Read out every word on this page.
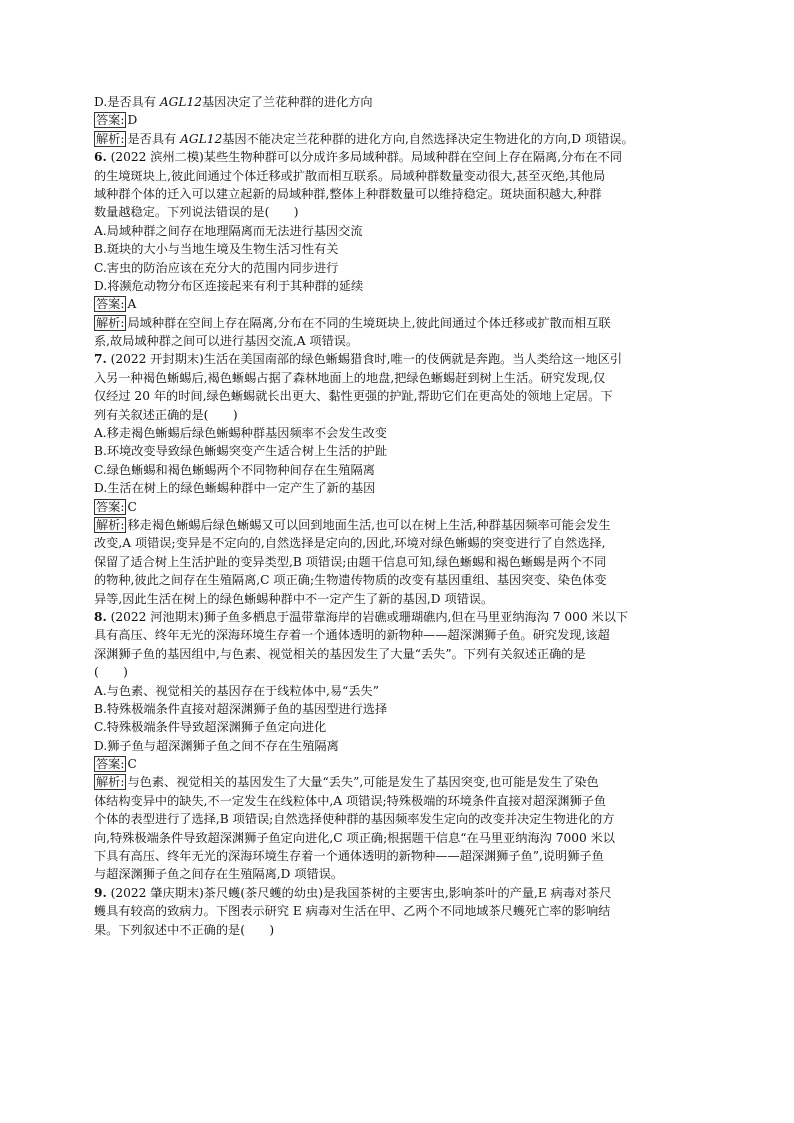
D.是否具有 AGL12基因决定了兰花种群的进化方向
答案: D
解析: 是否具有 AGL12基因不能决定兰花种群的进化方向,自然选择决定生物进化的方向,D 项错误。
6. (2022 滨州二模)某些生物种群可以分成许多局域种群。局域种群在空间上存在隔离,分布在不同
的生境斑块上,彼此间通过个体迁移或扩散而相互联系。局域种群数量变动很大,甚至灭绝,其他局
域种群个体的迁入可以建立起新的局域种群,整体上种群数量可以维持稳定。斑块面积越大,种群
数量越稳定。下列说法错误的是(　　)
A.局域种群之间存在地理隔离而无法进行基因交流
B.斑块的大小与当地生境及生物生活习性有关
C.害虫的防治应该在充分大的范围内同步进行
D.将濒危动物分布区连接起来有利于其种群的延续
答案: A
解析: 局域种群在空间上存在隔离,分布在不同的生境斑块上,彼此间通过个体迁移或扩散而相互联
系,故局域种群之间可以进行基因交流,A 项错误。
7. (2022 开封期末)生活在美国南部的绿色蜥蜴猎食时,唯一的伎俩就是奔跑。当人类给这一地区引
入另一种褐色蜥蜴后,褐色蜥蜴占据了森林地面上的地盘,把绿色蜥蜴赶到树上生活。研究发现,仅
仅经过 20 年的时间,绿色蜥蜴就长出更大、黏性更强的护趾,帮助它们在更高处的领地上定居。下
列有关叙述正确的是(　　)
A.移走褐色蜥蜴后绿色蜥蜴种群基因频率不会发生改变
B.环境改变导致绿色蜥蜴突变产生适合树上生活的护趾
C.绿色蜥蜴和褐色蜥蜴两个不同物种间存在生殖隔离
D.生活在树上的绿色蜥蜴种群中一定产生了新的基因
答案: C
解析: 移走褐色蜥蜴后绿色蜥蜴又可以回到地面生活,也可以在树上生活,种群基因频率可能会发生
改变,A 项错误;变异是不定向的,自然选择是定向的,因此,环境对绿色蜥蜴的突变进行了自然选择,
保留了适合树上生活护趾的变异类型,B 项错误;由题干信息可知,绿色蜥蜴和褐色蜥蜴是两个不同
的物种,彼此之间存在生殖隔离,C 项正确;生物遗传物质的改变有基因重组、基因突变、染色体变
异等,因此生活在树上的绿色蜥蜴种群中不一定产生了新的基因,D 项错误。
8. (2022 河池期末)狮子鱼多栖息于温带靠海岸的岩礁或珊瑚礁内,但在马里亚纳海沟 7 000 米以下
具有高压、终年无光的深海环境生存着一个通体透明的新物种——超深渊狮子鱼。研究发现,该超
深渊狮子鱼的基因组中,与色素、视觉相关的基因发生了大量“丢失”。下列有关叙述正确的是
(　　)
A.与色素、视觉相关的基因存在于线粒体中,易“丢失”
B.特殊极端条件直接对超深渊狮子鱼的基因型进行选择
C.特殊极端条件导致超深渊狮子鱼定向进化
D.狮子鱼与超深渊狮子鱼之间不存在生殖隔离
答案: C
解析: 与色素、视觉相关的基因发生了大量“丢失”,可能是发生了基因突变,也可能是发生了染色
体结构变异中的缺失,不一定发生在线粒体中,A 项错误;特殊极端的环境条件直接对超深渊狮子鱼
个体的表型进行了选择,B 项错误;自然选择使种群的基因频率发生定向的改变并决定生物进化的方
向,特殊极端条件导致超深渊狮子鱼定向进化,C 项正确;根据题干信息“在马里亚纳海沟 7000 米以
下具有高压、终年无光的深海环境生存着一个通体透明的新物种——超深渊狮子鱼”,说明狮子鱼
与超深渊狮子鱼之间存在生殖隔离,D 项错误。
9. (2022 肇庆期末)茶尺蠖(茶尺蠖的幼虫)是我国茶树的主要害虫,影响茶叶的产量,E 病毒对茶尺
蠖具有较高的致病力。下图表示研究 E 病毒对生活在甲、乙两个不同地域茶尺蠖死亡率的影响结
果。下列叙述中不正确的是(　　)
